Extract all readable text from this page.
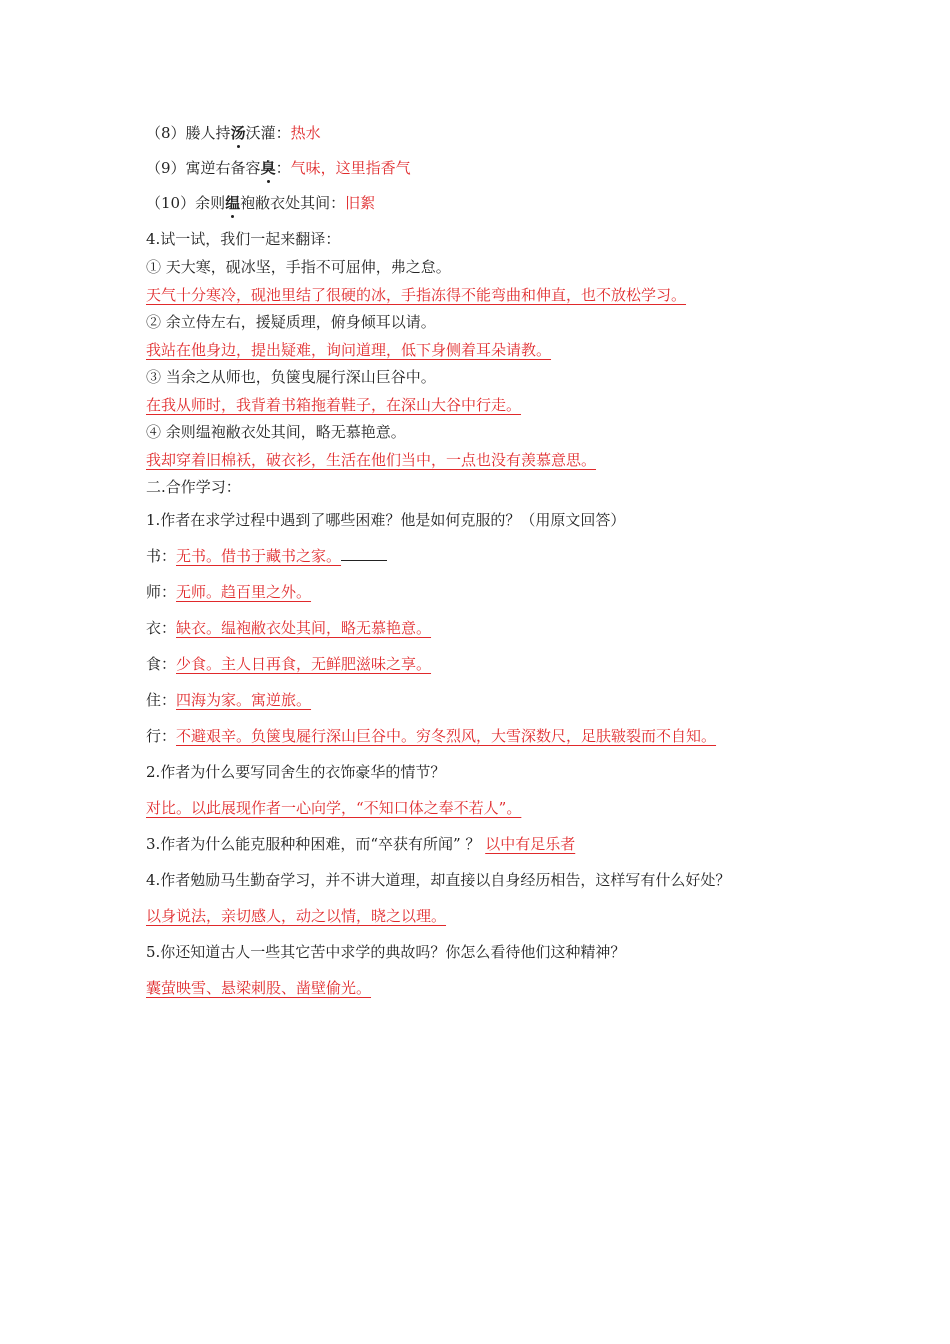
（8）媵人持汤沃灌：热水
（9）寓逆右备容臭：气味，这里指香气
（10）余则缊袍敝衣处其间：旧絮
4.试一试，我们一起来翻译：
① 天大寒，砚冰坚，手指不可屈伸，弗之怠。
天气十分寒冷，砚池里结了很硬的冰，手指冻得不能弯曲和伸直，也不放松学习。
② 余立侍左右，援疑质理，俯身倾耳以请。
我站在他身边，提出疑难，询问道理，低下身侧着耳朵请教。
③ 当余之从师也，负箧曳屣行深山巨谷中。
在我从师时，我背着书箱拖着鞋子，在深山大谷中行走。
④ 余则缊袍敝衣处其间，略无慕艳意。
我却穿着旧棉袄，破衣衫，生活在他们当中，一点也没有羡慕意思。
二.合作学习：
1.作者在求学过程中遇到了哪些困难？他是如何克服的？（用原文回答）
书：无书。借书于藏书之家。
师：无师。趋百里之外。
衣：缺衣。缊袍敝衣处其间，略无慕艳意。
食：少食。主人日再食，无鲜肥滋味之享。
住：四海为家。寓逆旅。
行：不避艰辛。负箧曳屣行深山巨谷中。穷冬烈风，大雪深数尺，足肤皲裂而不自知。
2.作者为什么要写同舍生的衣饰豪华的情节？
对比。以此展现作者一心向学，“不知口体之奉不若人”。
3.作者为什么能克服种种困难，而“卒获有所闻” ？ 以中有足乐者
4.作者勉励马生勤奋学习，并不讲大道理，却直接以自身经历相告，这样写有什么好处？
以身说法，亲切感人，动之以情，晓之以理。
5.你还知道古人一些其它苦中求学的典故吗？你怎么看待他们这种精神？
囊萤映雪、悬梁刺股、凿壁偷光。
